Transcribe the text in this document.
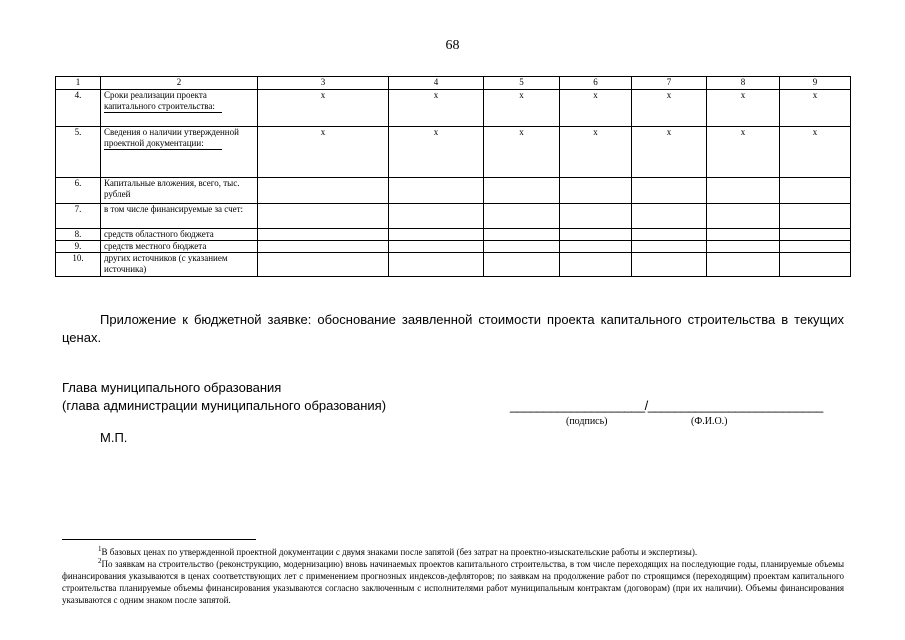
68
1	2	3	4	5	6	7	8	9
4.	Сроки реализации проекта капитального строительства:	х	х	х	х	х	х	х
5.	Сведения о наличии утвержденной проектной документации:	х	х	х	х	х	х	х
6.	Капитальные вложения, всего, тыс. рублей							
7.	в том числе финансируемые за счет:							
8.	средств областного бюджета							
9.	средств местного бюджета							
10.	других источников (с указанием источника)							
Приложение к бюджетной заявке: обоснование заявленной стоимости проекта капитального строительства в текущих ценах.
Глава муниципального образования
(глава администрации муниципального образования)	____________________/__________________________
(подпись)	(Ф.И.О.)
М.П.

$^1$В базовых ценах по утвержденной проектной документации с двумя знаками после запятой (без затрат на проектно-изыскательские работы и экспертизы).

$^2$По заявкам на строительство (реконструкцию, модернизацию) вновь начинаемых проектов капитального строительства, в том числе переходящих на последующие годы, планируемые объемы финансирования указываются в ценах соответствующих лет с применением прогнозных индексов-дефляторов; по заявкам на продолжение работ по строящимся (переходящим) проектам капитального строительства планируемые объемы финансирования указываются согласно заключенным с исполнителями работ муниципальным контрактам (договорам) (при их наличии). Объемы финансирования указываются с одним знаком после запятой.
